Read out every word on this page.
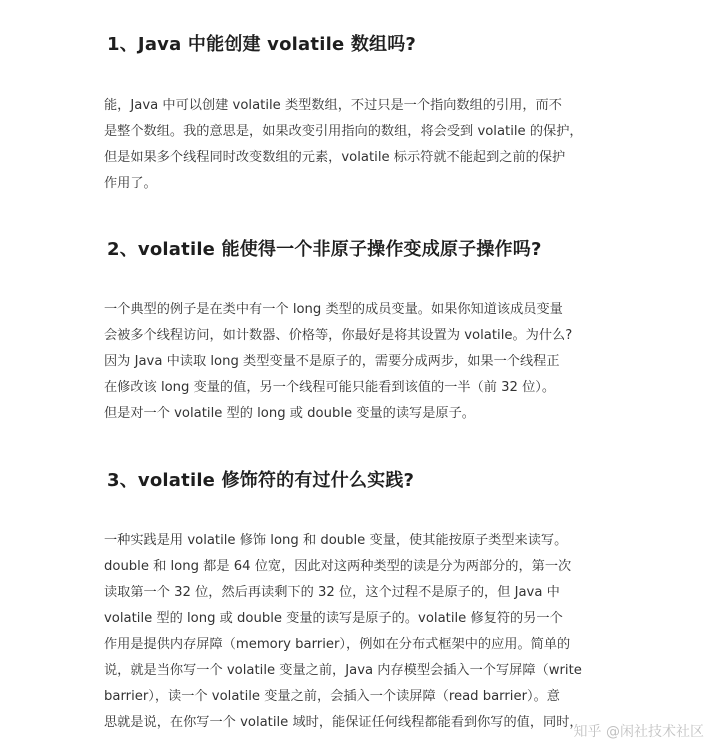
1、Java 中能创建 volatile 数组吗?

能，Java 中可以创建 volatile 类型数组，不过只是一个指向数组的引用，而不
是整个数组。我的意思是，如果改变引用指向的数组，将会受到 volatile 的保护，
但是如果多个线程同时改变数组的元素，volatile 标示符就不能起到之前的保护
作用了。

2、volatile 能使得一个非原子操作变成原子操作吗?

一个典型的例子是在类中有一个 long 类型的成员变量。如果你知道该成员变量
会被多个线程访问，如计数器、价格等，你最好是将其设置为 volatile。为什么?
因为 Java 中读取 long 类型变量不是原子的，需要分成两步，如果一个线程正
在修改该 long 变量的值，另一个线程可能只能看到该值的一半（前 32 位）。
但是对一个 volatile 型的 long 或 double 变量的读写是原子。

3、volatile 修饰符的有过什么实践?

一种实践是用 volatile 修饰 long 和 double 变量，使其能按原子类型来读写。
double 和 long 都是 64 位宽，因此对这两种类型的读是分为两部分的，第一次
读取第一个 32 位，然后再读剩下的 32 位，这个过程不是原子的，但 Java 中
volatile 型的 long 或 double 变量的读写是原子的。volatile 修复符的另一个
作用是提供内存屏障（memory barrier），例如在分布式框架中的应用。简单的
说，就是当你写一个 volatile 变量之前，Java 内存模型会插入一个写屏障（write
barrier），读一个 volatile 变量之前，会插入一个读屏障（read barrier）。意
思就是说，在你写一个 volatile 域时，能保证任何线程都能看到你写的值，同时，

知乎 @闲社技术社区
